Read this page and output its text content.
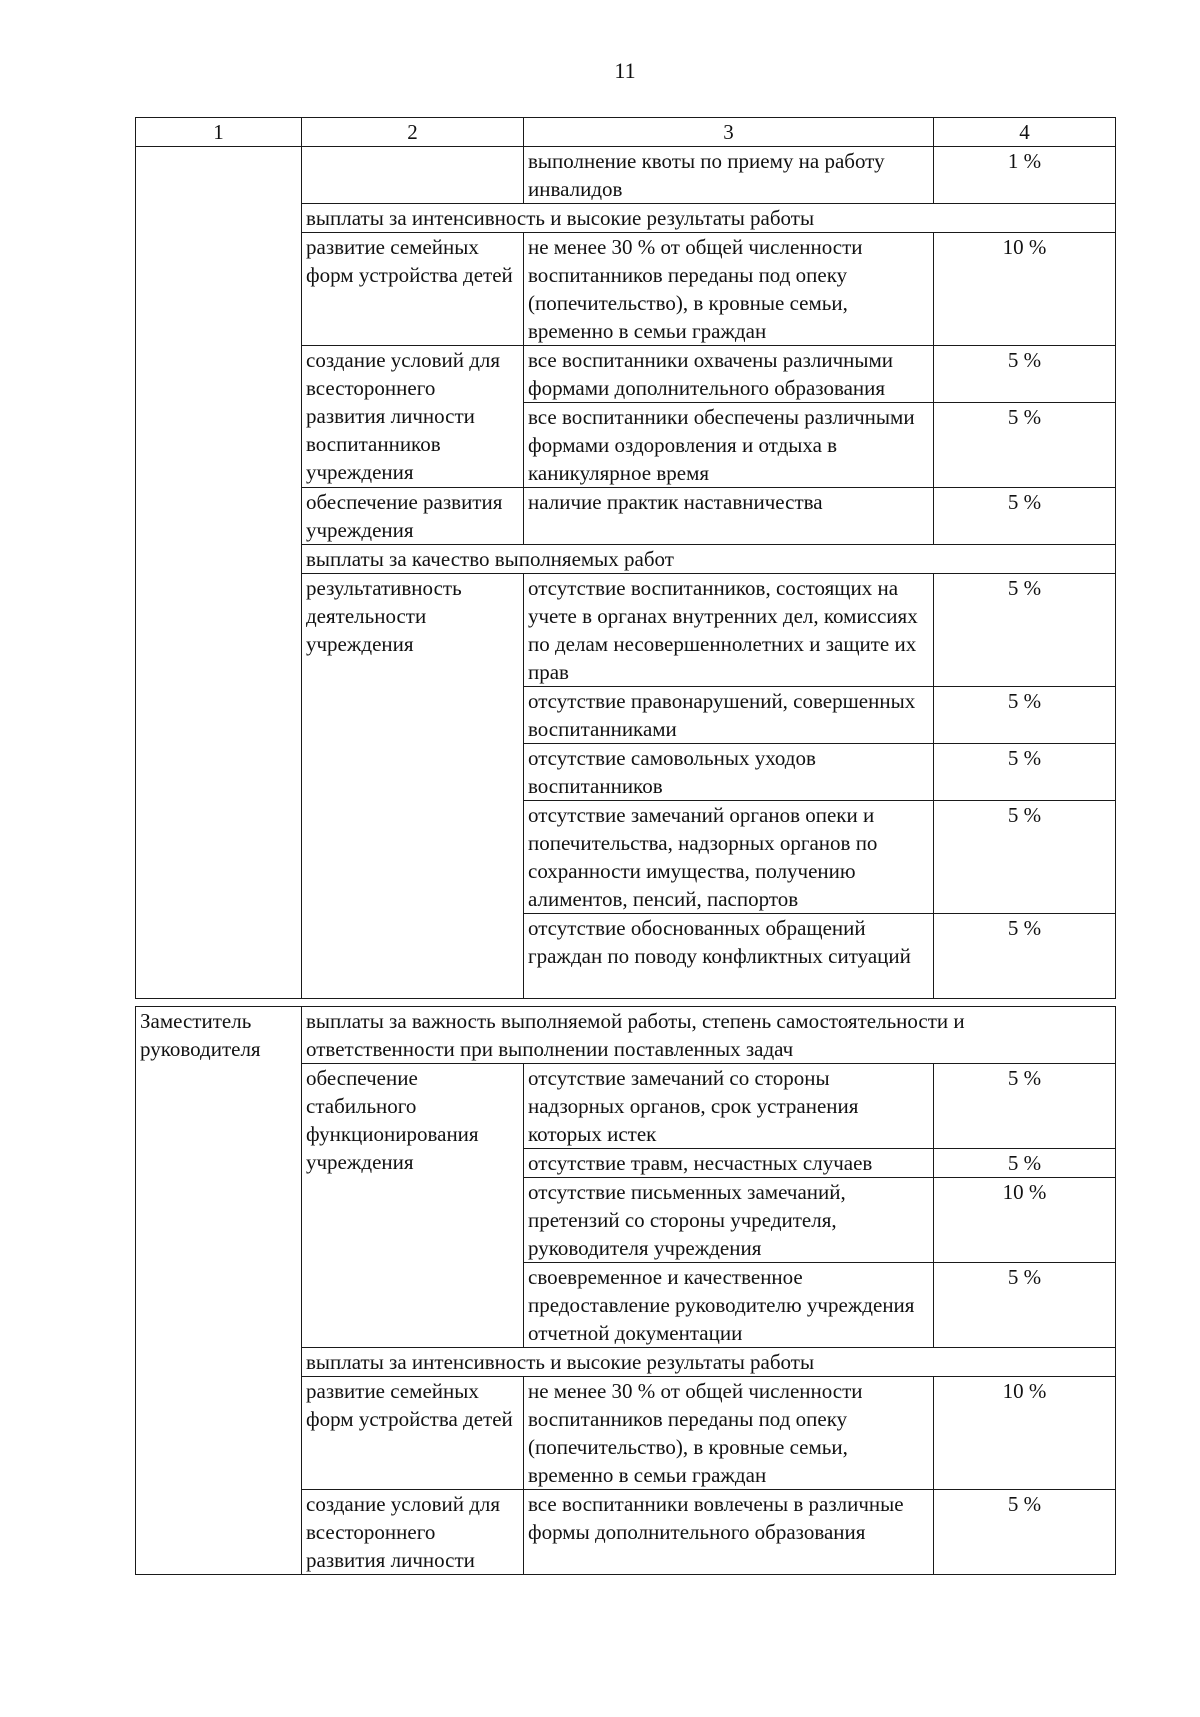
11
1	2	3	4
		выполнение квоты по приему на работу инвалидов	1 %
	выплаты за интенсивность и высокие результаты работы		
	развитие семейных форм устройства детей	не менее 30 % от общей численности воспитанников переданы под опеку (попечительство), в кровные семьи, временно в семьи граждан	10 %
	создание условий для всестороннего развития личности воспитанников учреждения	все воспитанники охвачены различными формами дополнительного образования	5 %
		все воспитанники обеспечены различными формами оздоровления и отдыха в каникулярное время	5 %
	обеспечение развития учреждения	наличие практик наставничества	5 %
	выплаты за качество выполняемых работ		
	результативность деятельности учреждения	отсутствие воспитанников, состоящих на учете в органах внутренних дел, комиссиях по делам несовершеннолетних и защите их прав	5 %
		отсутствие правонарушений, совершенных воспитанниками	5 %
		отсутствие самовольных уходов воспитанников	5 %
		отсутствие замечаний органов опеки и попечительства, надзорных органов по сохранности имущества, получению алиментов, пенсий, паспортов	5 %
		отсутствие обоснованных обращений граждан по поводу конфликтных ситуаций	5 %
Заместитель руководителя	выплаты за важность выполняемой работы, степень самостоятельности и ответственности при выполнении поставленных задач		
	обеспечение стабильного функционирования учреждения	отсутствие замечаний со стороны надзорных органов, срок устранения которых истек	5 %
		отсутствие травм, несчастных случаев	5 %
		отсутствие письменных замечаний, претензий со стороны учредителя, руководителя учреждения	10 %
		своевременное и качественное предоставление руководителю учреждения отчетной документации	5 %
	выплаты за интенсивность и высокие результаты работы		
	развитие семейных форм устройства детей	не менее 30 % от общей численности воспитанников переданы под опеку (попечительство), в кровные семьи, временно в семьи граждан	10 %
	создание условий для всестороннего развития личности	все воспитанники вовлечены в различные формы дополнительного образования	5 %
